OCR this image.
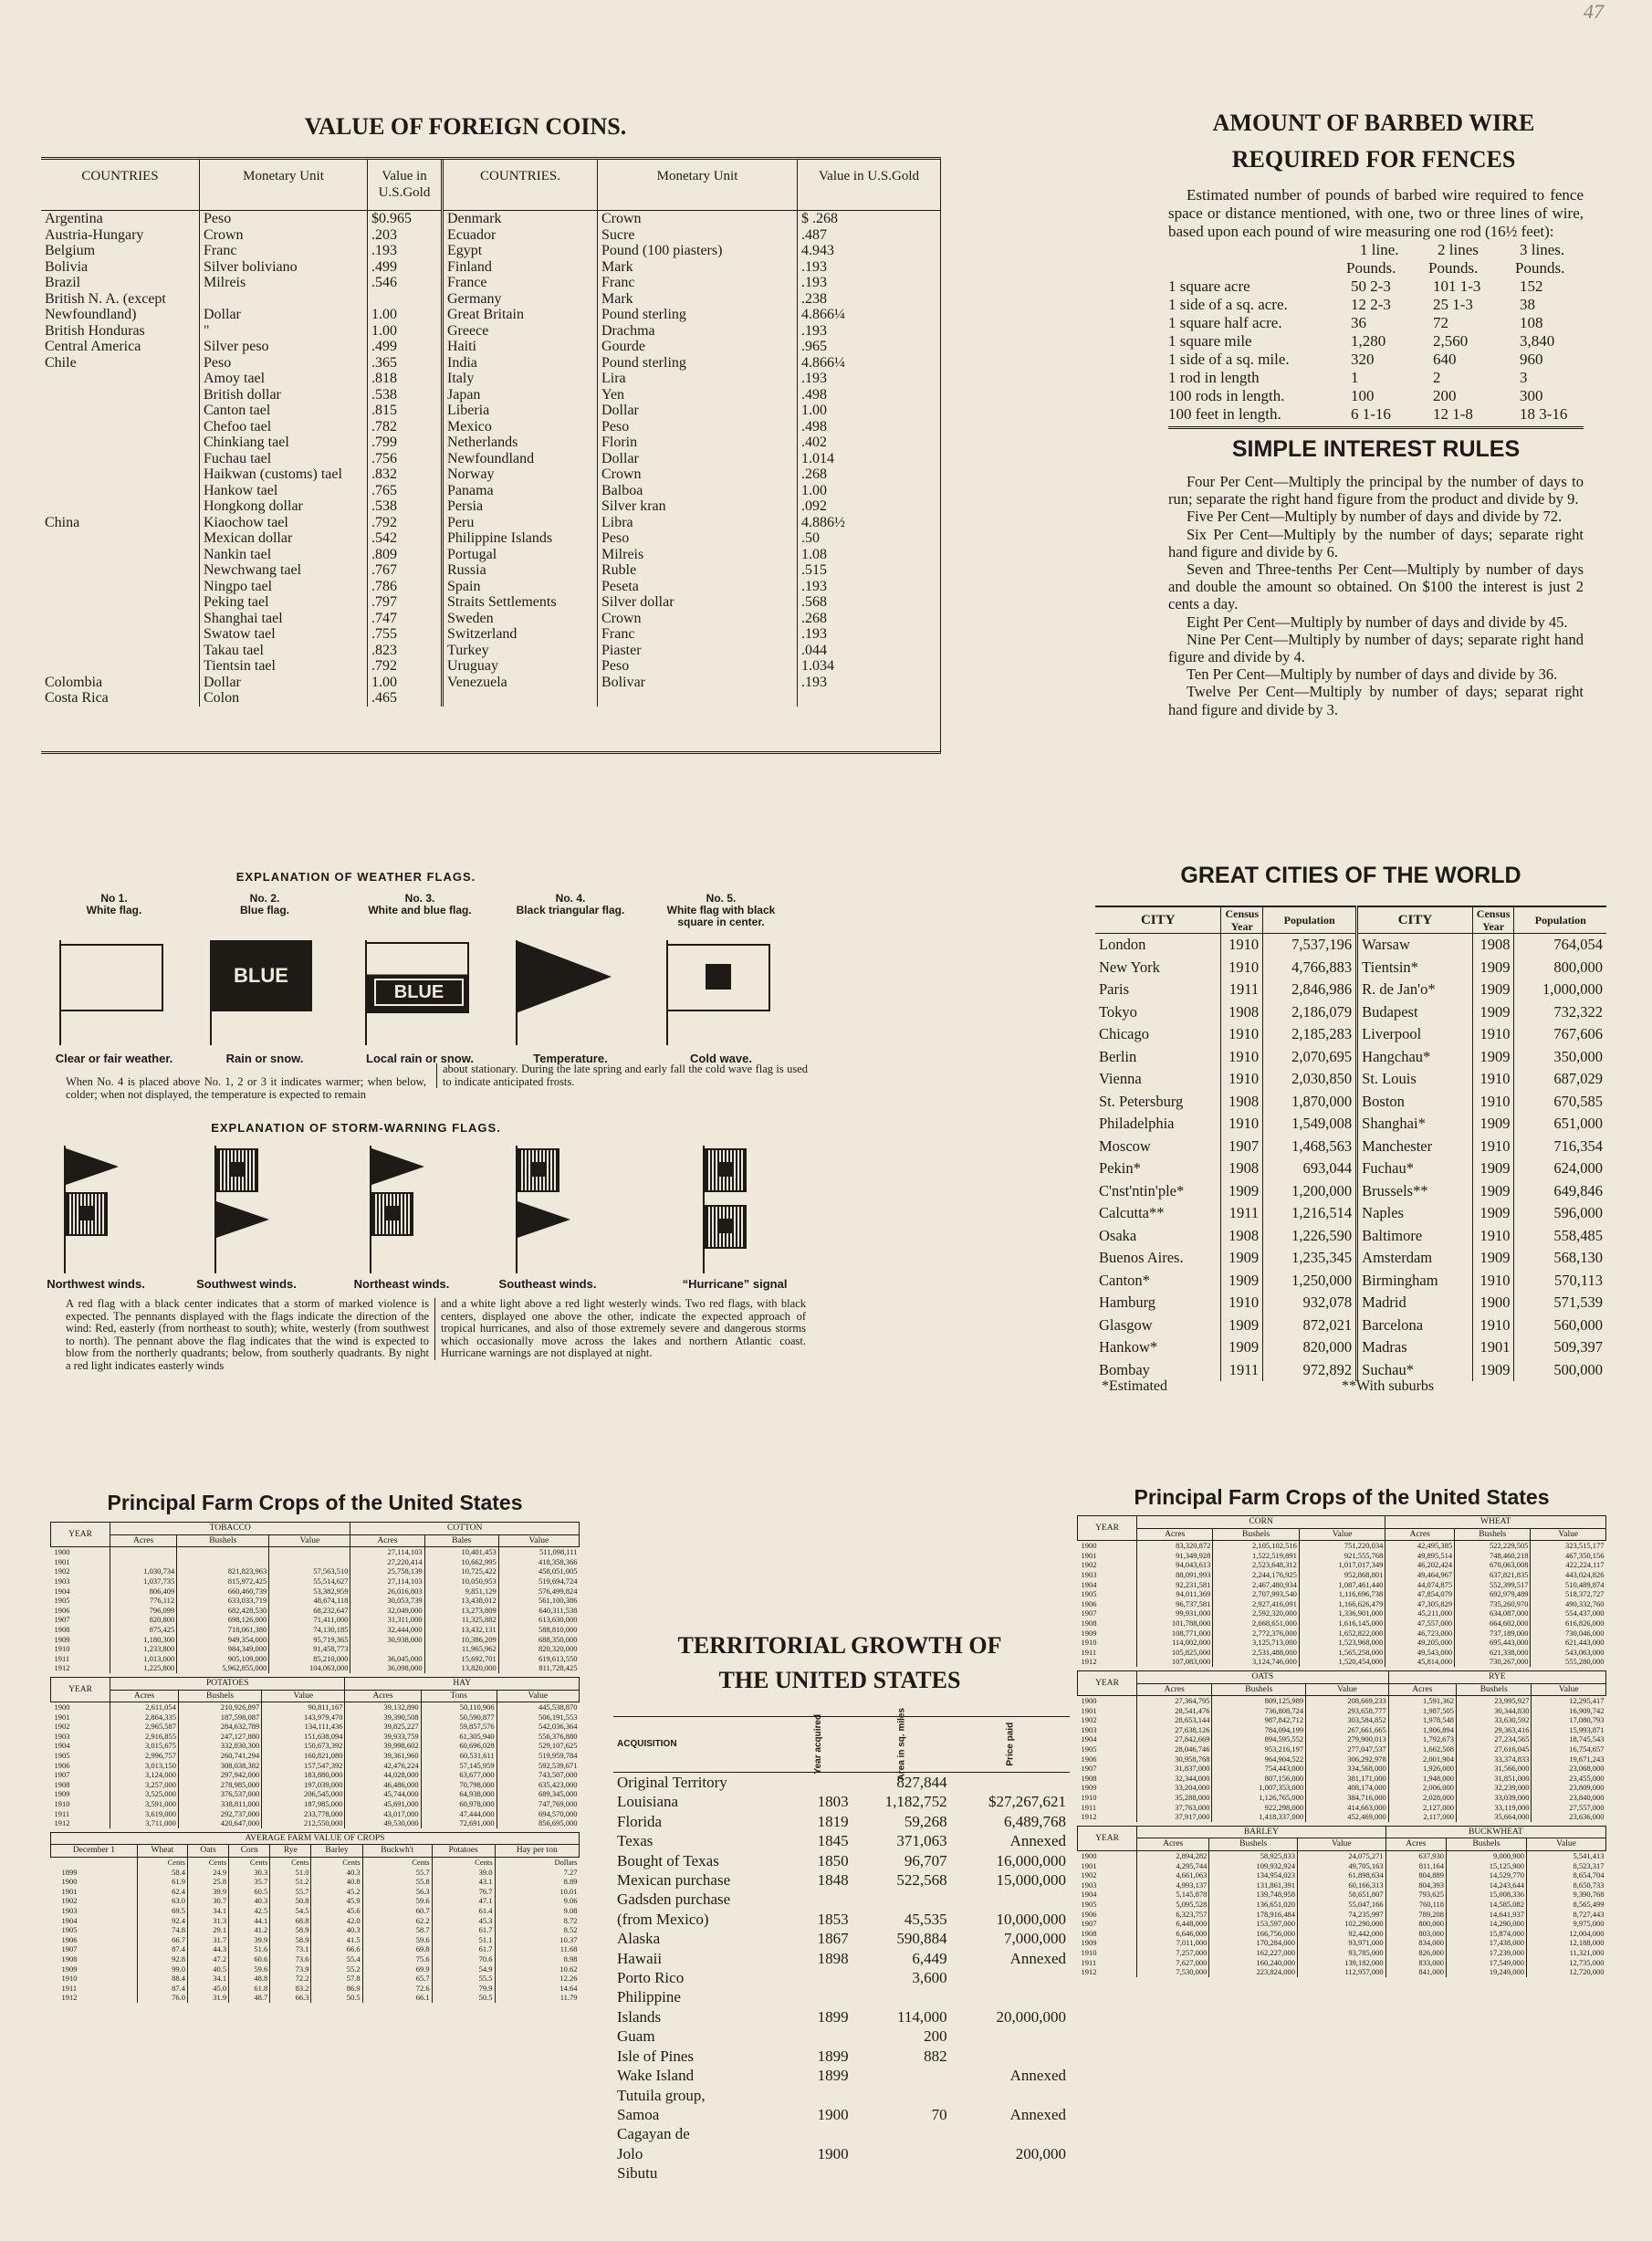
47
VALUE OF FOREIGN COINS.
COUNTRIES	Monetary Unit	Value in U.S.Gold	COUNTRIES.	Monetary Unit	Value in U.S.Gold
Argentina	Peso	$0.965	Denmark	Crown	$ .268
Austria-Hungary	Crown	.203	Ecuador	Sucre	.487
Belgium	Franc	.193	Egypt	Pound (100 piasters)	4.943
Bolivia	Silver boliviano	.499	Finland	Mark	.193
Brazil	Milreis	.546	France	Franc	.193
British N. A. (except			Germany	Mark	.238
Newfoundland)	Dollar	1.00	Great Britain	Pound sterling	4.866¼
British Honduras	"	1.00	Greece	Drachma	.193
Central America	Silver peso	.499	Haiti	Gourde	.965
Chile	Peso	.365	India	Pound sterling	4.866¼
	Amoy tael	.818	Italy	Lira	.193
	British dollar	.538	Japan	Yen	.498
	Canton tael	.815	Liberia	Dollar	1.00
	Chefoo tael	.782	Mexico	Peso	.498
	Chinkiang tael	.799	Netherlands	Florin	.402
	Fuchau tael	.756	Newfoundland	Dollar	1.014
	Haikwan (customs) tael	.832	Norway	Crown	.268
	Hankow tael	.765	Panama	Balboa	1.00
	Hongkong dollar	.538	Persia	Silver kran	.092
China	Kiaochow tael	.792	Peru	Libra	4.886½
	Mexican dollar	.542	Philippine Islands	Peso	.50
	Nankin tael	.809	Portugal	Milreis	1.08
	Newchwang tael	.767	Russia	Ruble	.515
	Ningpo tael	.786	Spain	Peseta	.193
	Peking tael	.797	Straits Settlements	Silver dollar	.568
	Shanghai tael	.747	Sweden	Crown	.268
	Swatow tael	.755	Switzerland	Franc	.193
	Takau tael	.823	Turkey	Piaster	.044
	Tientsin tael	.792	Uruguay	Peso	1.034
Colombia	Dollar	1.00	Venezuela	Bolivar	.193
Costa Rica	Colon	.465			
AMOUNT OF BARBED WIRE
REQUIRED FOR FENCES
Estimated number of pounds of barbed wire required to fence space or distance mentioned, with one, two or three lines of wire, based upon each pound of wire measuring one rod (16½ feet):
1 line.	2 lines	3 lines.
Pounds.	Pounds.	Pounds.
1 square acre	50 2-3	101 1-3	152
1 side of a sq. acre.	12 2-3	25 1-3	38
1 square half acre.	36	72	108
1 square mile	1,280	2,560	3,840
1 side of a sq. mile.	320	640	960
1 rod in length	1	2	3
100 rods in length.	100	200	300
100 feet in length.	6 1-16	12 1-8	18 3-16
SIMPLE INTEREST RULES

Four Per Cent—Multiply the principal by the number of days to run; separate the right hand figure from the product and divide by 9.

Five Per Cent—Multiply by number of days and divide by 72.

Six Per Cent—Multiply by the number of days; separate right hand figure and divide by 6.

Seven and Three-tenths Per Cent—Multiply by number of days and double the amount so obtained. On $100 the interest is just 2 cents a day.

Eight Per Cent—Multiply by number of days and divide by 45.

Nine Per Cent—Multiply by number of days; separate right hand figure and divide by 4.

Ten Per Cent—Multiply by number of days and divide by 36.

Twelve Per Cent—Multiply by number of days; separat right hand figure and divide by 3.

EXPLANATION OF WEATHER FLAGS.
No 1.
White flag.
Clear or fair weather.
No. 2.
Blue flag.
BLUE
Rain or snow.
No. 3.
White and blue flag.
BLUE
Local rain or snow.
No. 4.
Black triangular flag.
Temperature.
No. 5.
White flag with black square in center.
Cold wave.
When No. 4 is placed above No. 1, 2 or 3 it indicates warmer; when below, colder; when not displayed, the temperature is expected to remain
about stationary. During the late spring and early fall the cold wave flag is used to indicate anticipated frosts.
EXPLANATION OF STORM-WARNING FLAGS.
Northwest winds.	Southwest winds.	Northeast winds.	Southeast winds.	“Hurricane” signal
A red flag with a black center indicates that a storm of marked violence is expected. The pennants displayed with the flags indicate the direction of the wind: Red, easterly (from northeast to south); white, westerly (from southwest to north). The pennant above the flag indicates that the wind is expected to blow from the northerly quadrants; below, from southerly quadrants. By night a red light indicates easterly winds
and a white light above a red light westerly winds. Two red flags, with black centers, displayed one above the other, indicate the expected approach of tropical hurricanes, and also of those extremely severe and dangerous storms which occasionally move across the lakes and northern Atlantic coast. Hurricane warnings are not displayed at night.
GREAT CITIES OF THE WORLD
CITY	Census Year	Population	CITY	Census Year	Population
London	1910	7,537,196	Warsaw	1908	764,054
New York	1910	4,766,883	Tientsin*	1909	800,000
Paris	1911	2,846,986	R. de Jan'o*	1909	1,000,000
Tokyo	1908	2,186,079	Budapest	1909	732,322
Chicago	1910	2,185,283	Liverpool	1910	767,606
Berlin	1910	2,070,695	Hangchau*	1909	350,000
Vienna	1910	2,030,850	St. Louis	1910	687,029
St. Petersburg	1908	1,870,000	Boston	1910	670,585
Philadelphia	1910	1,549,008	Shanghai*	1909	651,000
Moscow	1907	1,468,563	Manchester	1910	716,354
Pekin*	1908	693,044	Fuchau*	1909	624,000
C'nst'ntin'ple*	1909	1,200,000	Brussels**	1909	649,846
Calcutta**	1911	1,216,514	Naples	1909	596,000
Osaka	1908	1,226,590	Baltimore	1910	558,485
Buenos Aires.	1909	1,235,345	Amsterdam	1909	568,130
Canton*	1909	1,250,000	Birmingham	1910	570,113
Hamburg	1910	932,078	Madrid	1900	571,539
Glasgow	1909	872,021	Barcelona	1910	560,000
Hankow*	1909	820,000	Madras	1901	509,397
Bombay	1911	972,892	Suchau*	1909	500,000
*Estimated	**With suburbs
Principal Farm Crops of the United States
YEAR	TOBACCO			COTTON		
	Acres	Bushels	Value	Acres	Bales	Value
1900				27,114,103	10,401,453	511,098,111
1901				27,220,414	10,662,995	418,358,366
1902	1,030,734	821,823,963	57,563,510	25,758,139	10,725,422	458,051,005
1903	1,037,735	815,972,425	55,514,627	27,114,103	10,050,953	519,694,724
1904	806,409	660,460,739	53,382,959	26,016,803	9,851,129	576,499,824
1905	776,112	633,033,719	48,674,118	30,053,739	13,438,012	561,100,386
1906	796,099	682,428,530	68,232,647	32,049,000	13,273,809	640,311,538
1907	820,800	698,126,000	71,411,000	31,311,000	11,325,882	613,630,000
1908	875,425	718,061,380	74,130,185	32,444,000	13,432,131	588,810,000
1909	1,180,300	949,354,000	95,719,365	30,938,000	10,386,209	688,350,000
1910	1,233,800	984,349,000	91,458,773		11,965,962	820,320,000
1911	1,013,000	905,109,000	85,210,000	36,045,000	15,692,701	619,613,550
1912	1,225,800	5,962,855,000	104,063,000	36,098,000	13,820,000	811,728,425
YEAR	POTATOES			HAY		
	Acres	Bushels	Value	Acres	Tons	Value
1900	2,611,054	210,926,897	90,811,167	39,132,890	50,110,906	445,538,870
1901	2,864,335	187,598,087	143,979,470	39,390,508	50,590,877	506,191,553
1902	2,965,587	284,632,789	134,111,436	39,825,227	59,857,576	542,036,364
1903	2,916,855	247,127,880	151,638,094	39,933,759	61,305,940	556,376,880
1904	3,015,675	332,830,300	150,673,392	39,998,602	60,696,028	529,107,625
1905	2,996,757	260,741,294	160,821,080	39,361,960	60,531,611	519,959,784
1906	3,013,150	308,038,382	157,547,392	42,476,224	57,145,959	592,539,671
1907	3,124,000	297,942,000	183,880,000	44,028,000	63,677,000	743,507,000
1908	3,257,000	278,985,000	197,039,000	46,486,000	70,798,000	635,423,000
1909	3,525,000	376,537,000	206,545,000	45,744,000	64,938,000	689,345,000
1910	3,591,000	338,811,000	187,985,000	45,691,000	60,978,000	747,769,000
1911	3,619,000	292,737,000	233,778,000	43,017,000	47,444,000	694,570,000
1912	3,711,000	420,647,000	212,550,000	49,530,000	72,691,000	856,695,000
AVERAGE FARM VALUE OF CROPS								
December 1	Wheat	Oats	Corn	Rye	Barley	Buckwh't	Potatoes	Hay per ton
	Cents	Cents	Cents	Cents	Cents	Cents	Cents	Dollars
1899	58.4	24.9	30.3	51.0	40.3	55.7	39.0	7.27
1900	61.9	25.8	35.7	51.2	40.8	55.8	43.1	8.89
1901	62.4	39.9	60.5	55.7	45.2	56.3	76.7	10.01
1902	63.0	30.7	40.3	50.8	45.9	59.6	47.1	9.06
1903	69.5	34.1	42.5	54.5	45.6	60.7	61.4	9.08
1904	92.4	31.3	44.1	68.8	42.0	62.2	45.3	8.72
1905	74.8	29.1	41.2	58.9	40.3	58.7	61.7	8.52
1906	66.7	31.7	39.9	58.9	41.5	59.6	51.1	10.37
1907	87.4	44.3	51.6	73.1	66.6	69.8	61.7	11.68
1908	92.8	47.2	60.6	73.6	55.4	75.6	70.6	8.98
1909	99.0	40.5	59.6	73.9	55.2	69.9	54.9	10.62
1910	88.4	34.1	48.8	72.2	57.8	65.7	55.5	12.26
1911	87.4	45.0	61.8	83.2	86.9	72.6	79.9	14.64
1912	76.0	31.9	48.7	66.3	50.5	66.1	50.5	11.79
TERRITORIAL GROWTH OF
THE UNITED STATES
ACQUISITION	Year acquired	Area in sq. miles	Price paid

Original Territory		827,844	
Louisiana	1803	1,182,752	$27,267,621
Florida	1819	59,268	6,489,768
Texas	1845	371,063	Annexed
Bought of Texas	1850	96,707	16,000,000
Mexican purchase	1848	522,568	15,000,000
Gadsden purchase			
(from Mexico)	1853	45,535	10,000,000
Alaska	1867	590,884	7,000,000
Hawaii	1898	6,449	Annexed
Porto Rico		3,600	
Philippine			
Islands	1899	114,000	20,000,000
Guam		200	
Isle of Pines	1899	882	
Wake Island	1899		Annexed
Tutuila group,			
Samoa	1900	70	Annexed
Cagayan de			
Jolo	1900		200,000
Sibutu			
Principal Farm Crops of the United States
YEAR	CORN			WHEAT		
	Acres	Bushels	Value	Acres	Bushels	Value
1900	83,320,872	2,105,102,516	751,220,034	42,495,385	522,229,505	323,515,177
1901	91,349,928	1,522,519,891	921,555,768	49,895,514	748,460,218	467,350,156
1902	94,043,613	2,523,648,312	1,017,017,349	46,202,424	670,063,008	422,224,117
1903	88,091,993	2,244,176,925	952,868,801	49,464,967	637,821,835	443,024,826
1904	92,231,581	2,467,480,934	1,087,461,440	44,074,875	552,399,517	510,489,874
1905	94,011,369	2,707,993,540	1,116,696,738	47,854,079	692,979,489	518,372,727
1906	96,737,581	2,927,416,091	1,166,626,479	47,305,829	735,260,970	490,332,760
1907	99,931,000	2,592,320,000	1,336,901,000	45,211,000	634,087,000	554,437,000
1908	101,788,000	2,668,651,000	1,616,145,000	47,557,000	664,602,000	616,826,000
1909	108,771,000	2,772,376,000	1,652,822,000	46,723,000	737,189,000	730,046,000
1910	114,002,000	3,125,713,000	1,523,968,000	49,205,000	695,443,000	621,443,000
1911	105,825,000	2,531,488,000	1,565,258,000	49,543,000	621,338,000	543,063,000
1912	107,083,000	3,124,746,000	1,520,454,000	45,814,000	730,267,000	555,280,000
YEAR	OATS			RYE		
	Acres	Bushels	Value	Acres	Bushels	Value
1900	27,364,795	809,125,989	208,669,233	1,591,362	23,995,927	12,295,417
1901	28,541,476	736,808,724	293,658,777	1,987,505	30,344,830	16,909,742
1902	28,653,144	987,842,712	303,584,852	1,978,548	33,630,592	17,080,793
1903	27,638,126	784,094,199	267,661,665	1,906,894	29,363,416	15,993,871
1904	27,842,669	894,595,552	279,900,013	1,792,673	27,234,565	18,745,543
1905	28,046,746	953,216,197	277,047,537	1,662,508	27,616,045	16,754,657
1906	30,958,768	964,904,522	306,292,978	2,001,904	33,374,833	19,671,243
1907	31,837,000	754,443,000	334,568,000	1,926,000	31,566,000	23,068,000
1908	32,344,000	807,156,000	381,171,000	1,948,000	31,851,000	23,455,000
1909	33,204,000	1,007,353,000	408,174,000	2,006,000	32,239,000	23,809,000
1910	35,288,000	1,126,765,000	384,716,000	2,028,000	33,039,000	23,840,000
1911	37,763,000	922,298,000	414,663,000	2,127,000	33,119,000	27,557,000
1912	37,917,000	1,418,337,000	452,469,000	2,117,000	35,664,000	23,636,000
YEAR	BARLEY			BUCKWHEAT		
	Acres	Bushels	Value	Acres	Bushels	Value
1900	2,894,282	58,925,833	24,075,271	637,930	9,000,900	5,541,413
1901	4,295,744	109,932,924	49,705,163	811,164	15,125,900	8,523,317
1902	4,661,063	134,954,023	61,898,634	804,889	14,529,770	8,654,704
1903	4,993,137	131,861,391	60,166,313	804,393	14,243,644	8,650,733
1904	5,145,878	139,748,958	58,651,807	793,625	15,008,336	9,390,768
1905	5,095,528	136,651,020	55,047,166	760,118	14,585,082	8,565,499
1906	6,323,757	178,916,484	74,235,997	789,208	14,641,937	8,727,443
1907	6,448,000	153,597,000	102,290,000	800,000	14,290,000	9,975,000
1908	6,646,000	166,756,000	92,442,000	803,000	15,874,000	12,004,000
1909	7,011,000	170,284,000	93,971,000	834,000	17,438,000	12,188,000
1910	7,257,000	162,227,000	93,785,000	826,000	17,239,000	11,321,000
1911	7,627,000	160,240,000	139,182,000	833,000	17,549,000	12,735,000
1912	7,530,000	223,824,000	112,957,000	841,000	19,249,000	12,720,000
